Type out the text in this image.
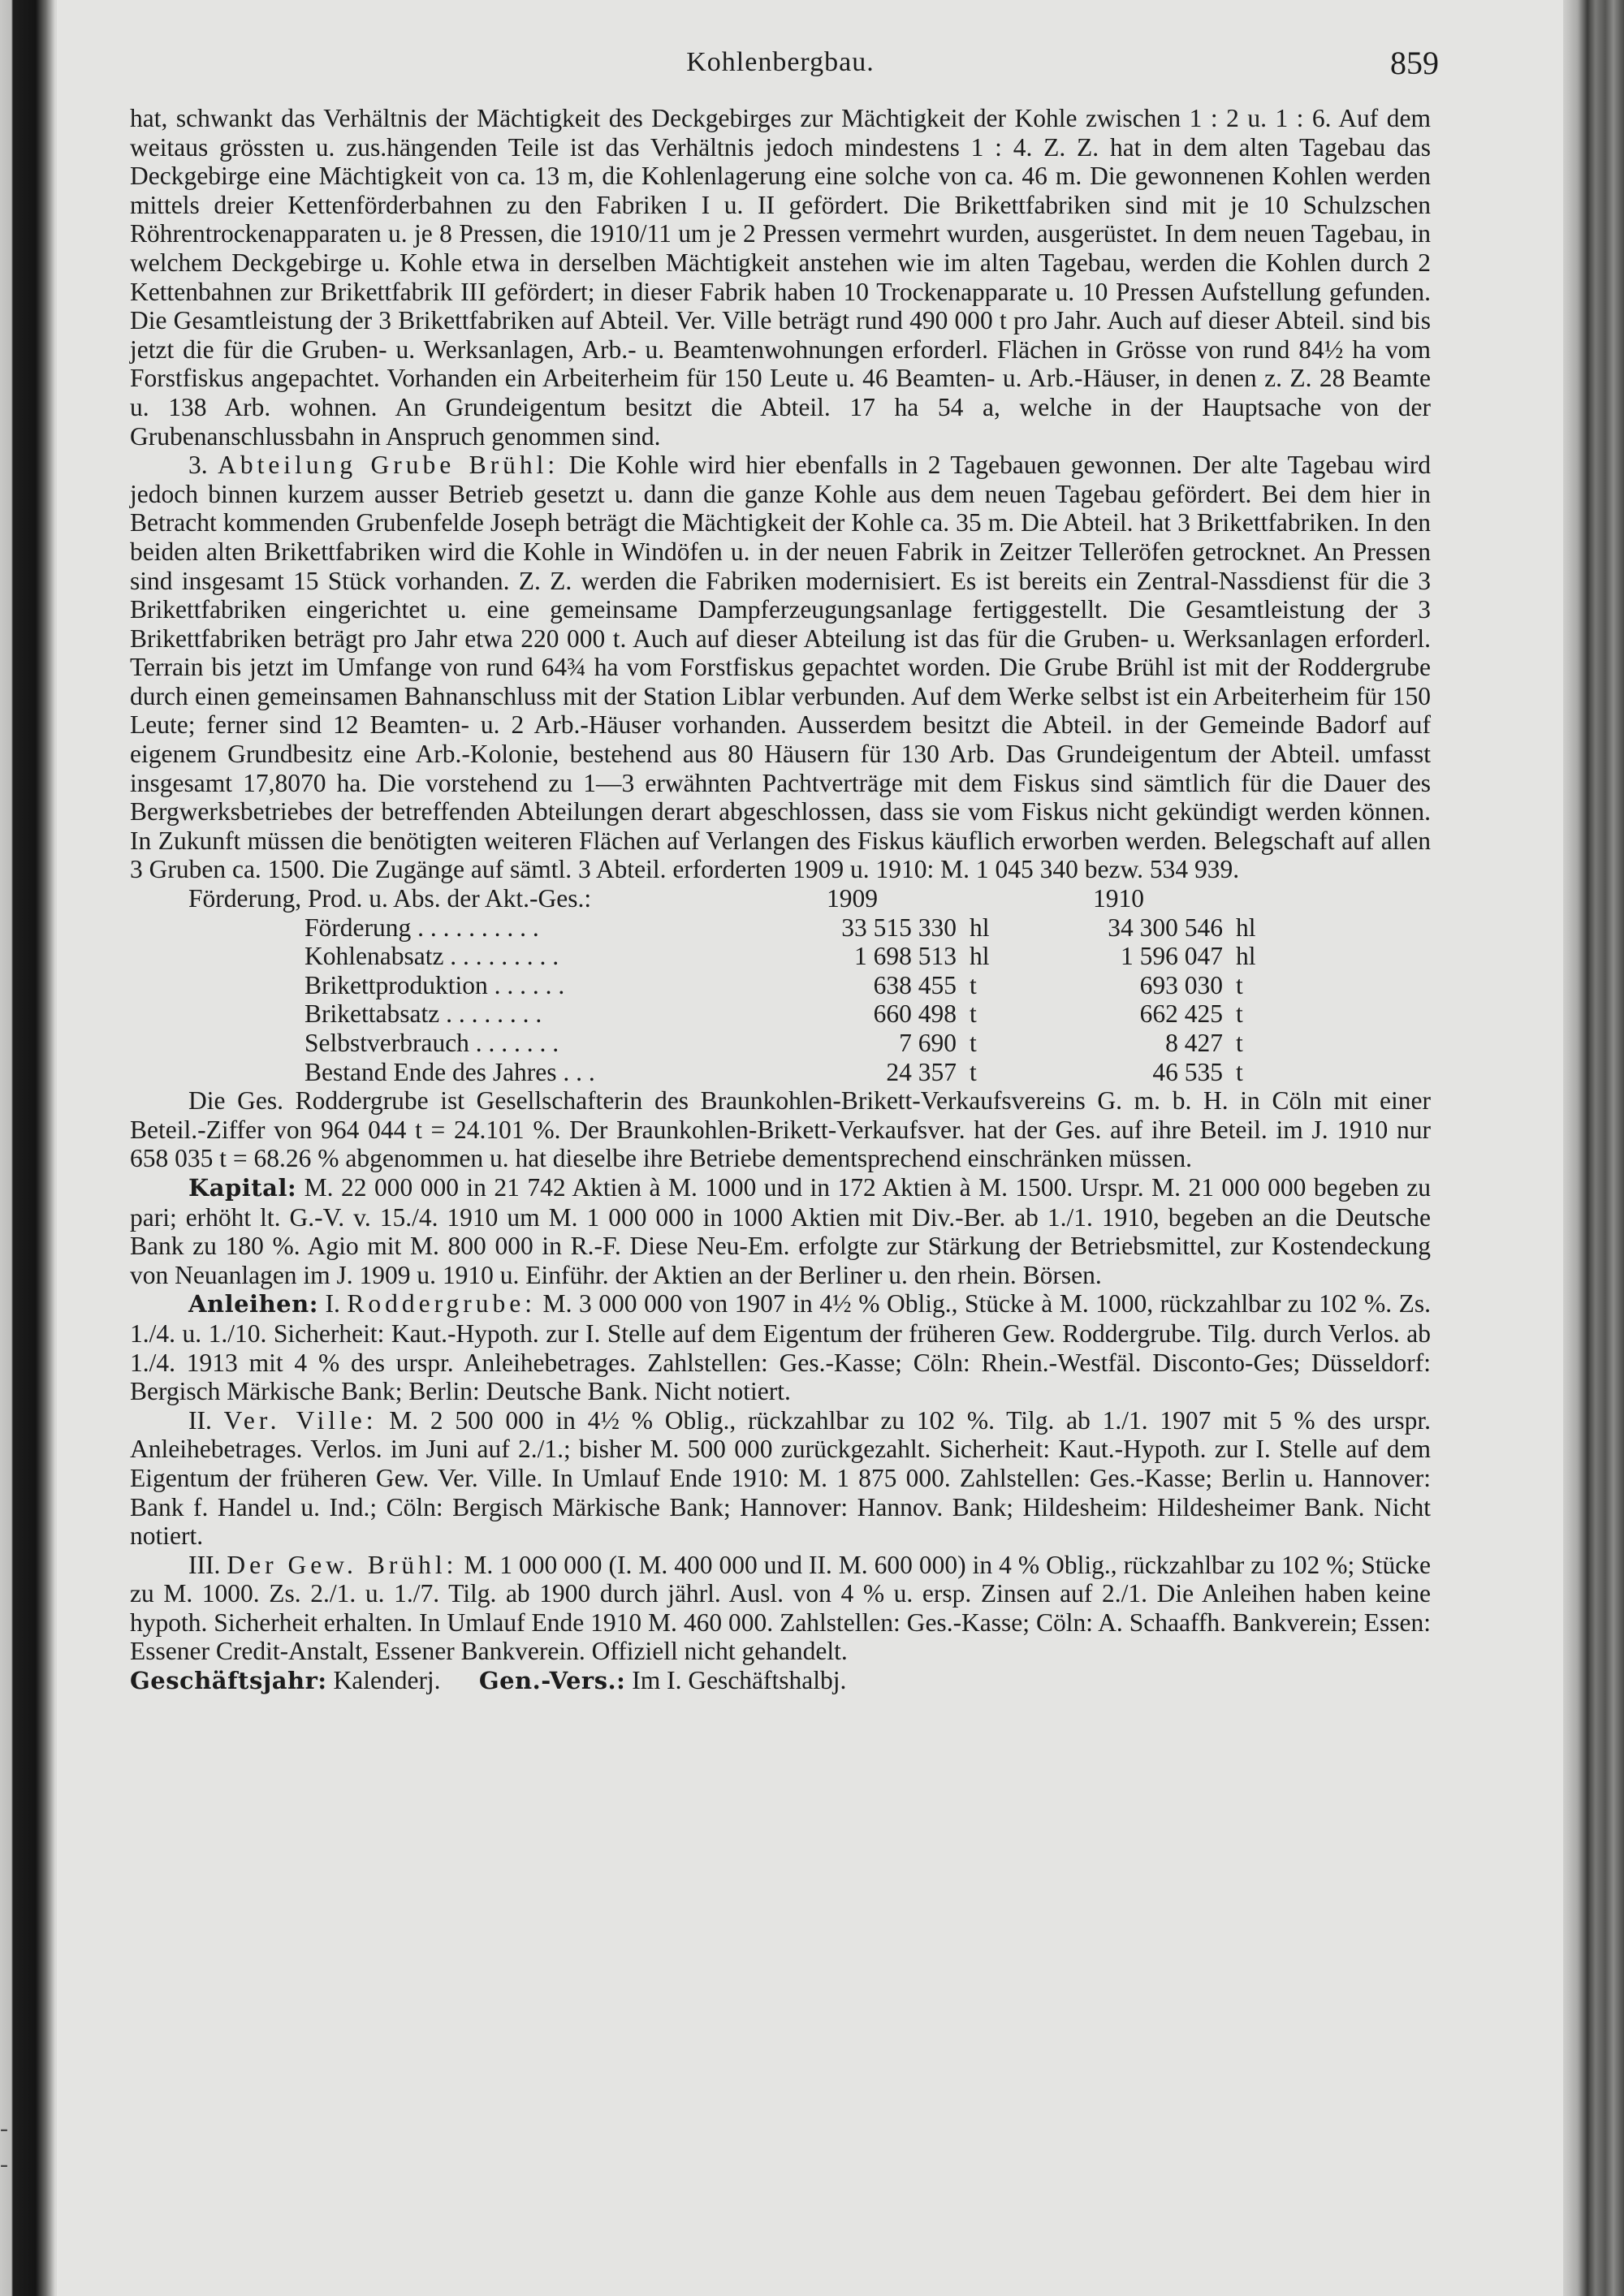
-
-
Kohlenbergbau.	859

hat, schwankt das Verhältnis der Mächtigkeit des Deckgebirges zur Mächtigkeit der Kohle zwischen 1 : 2 u. 1 : 6. Auf dem weitaus grössten u. zus.hängenden Teile ist das Verhältnis jedoch mindestens 1 : 4. Z. Z. hat in dem alten Tagebau das Deckgebirge eine Mächtigkeit von ca. 13 m, die Kohlenlagerung eine solche von ca. 46 m. Die gewonnenen Kohlen werden mittels dreier Kettenförderbahnen zu den Fabriken I u. II gefördert. Die Brikettfabriken sind mit je 10 Schulzschen Röhrentrockenapparaten u. je 8 Pressen, die 1910/11 um je 2 Pressen vermehrt wurden, ausgerüstet. In dem neuen Tagebau, in welchem Deckgebirge u. Kohle etwa in derselben Mächtigkeit anstehen wie im alten Tagebau, werden die Kohlen durch 2 Kettenbahnen zur Brikettfabrik III gefördert; in dieser Fabrik haben 10 Trockenapparate u. 10 Pressen Aufstellung gefunden. Die Gesamtleistung der 3 Brikettfabriken auf Abteil. Ver. Ville beträgt rund 490 000 t pro Jahr. Auch auf dieser Abteil. sind bis jetzt die für die Gruben- u. Werksanlagen, Arb.- u. Beamtenwohnungen erforderl. Flächen in Grösse von rund 84½ ha vom Forstfiskus angepachtet. Vorhanden ein Arbeiterheim für 150 Leute u. 46 Beamten- u. Arb.-Häuser, in denen z. Z. 28 Beamte u. 138 Arb. wohnen. An Grundeigentum besitzt die Abteil. 17 ha 54 a, welche in der Hauptsache von der Grubenanschlussbahn in Anspruch genommen sind.

3. Abteilung Grube Brühl: Die Kohle wird hier ebenfalls in 2 Tagebauen gewonnen. Der alte Tagebau wird jedoch binnen kurzem ausser Betrieb gesetzt u. dann die ganze Kohle aus dem neuen Tagebau gefördert. Bei dem hier in Betracht kommenden Grubenfelde Joseph beträgt die Mächtigkeit der Kohle ca. 35 m. Die Abteil. hat 3 Brikettfabriken. In den beiden alten Brikettfabriken wird die Kohle in Windöfen u. in der neuen Fabrik in Zeitzer Telleröfen getrocknet. An Pressen sind insgesamt 15 Stück vorhanden. Z. Z. werden die Fabriken modernisiert. Es ist bereits ein Zentral-Nassdienst für die 3 Brikettfabriken eingerichtet u. eine gemeinsame Dampferzeugungsanlage fertiggestellt. Die Gesamtleistung der 3 Brikettfabriken beträgt pro Jahr etwa 220 000 t. Auch auf dieser Abteilung ist das für die Gruben- u. Werksanlagen erforderl. Terrain bis jetzt im Umfange von rund 64¾ ha vom Forstfiskus gepachtet worden. Die Grube Brühl ist mit der Roddergrube durch einen gemeinsamen Bahnanschluss mit der Station Liblar verbunden. Auf dem Werke selbst ist ein Arbeiterheim für 150 Leute; ferner sind 12 Beamten- u. 2 Arb.-Häuser vorhanden. Ausserdem besitzt die Abteil. in der Gemeinde Badorf auf eigenem Grundbesitz eine Arb.-Kolonie, bestehend aus 80 Häusern für 130 Arb. Das Grundeigentum der Abteil. umfasst insgesamt 17,8070 ha. Die vorstehend zu 1—3 erwähnten Pachtverträge mit dem Fiskus sind sämtlich für die Dauer des Bergwerksbetriebes der betreffenden Abteilungen derart abgeschlossen, dass sie vom Fiskus nicht gekündigt werden können. In Zukunft müssen die benötigten weiteren Flächen auf Verlangen des Fiskus käuflich erworben werden. Belegschaft auf allen 3 Gruben ca. 1500. Die Zugänge auf sämtl. 3 Abteil. erforderten 1909 u. 1910: M. 1 045 340 bezw. 534 939.

Förderung, Prod. u. Abs. der Akt.-Ges.:	1909	1910
Förderung . . . . . . . . . .	33 515 330 hl	34 300 546 hl
Kohlenabsatz . . . . . . . . .	1 698 513 hl	1 596 047 hl
Brikettproduktion . . . . . .	638 455 t	693 030 t
Brikettabsatz . . . . . . . .	660 498 t	662 425 t
Selbstverbrauch . . . . . . .	7 690 t	8 427 t
Bestand Ende des Jahres . . .	24 357 t	46 535 t

Die Ges. Roddergrube ist Gesellschafterin des Braunkohlen-Brikett-Verkaufsvereins G. m. b. H. in Cöln mit einer Beteil.-Ziffer von 964 044 t = 24.101 %. Der Braunkohlen-Brikett-Verkaufsver. hat der Ges. auf ihre Beteil. im J. 1910 nur 658 035 t = 68.26 % abgenommen u. hat dieselbe ihre Betriebe dementsprechend einschränken müssen.

Kapital: M. 22 000 000 in 21 742 Aktien à M. 1000 und in 172 Aktien à M. 1500. Urspr. M. 21 000 000 begeben zu pari; erhöht lt. G.-V. v. 15./4. 1910 um M. 1 000 000 in 1000 Aktien mit Div.-Ber. ab 1./1. 1910, begeben an die Deutsche Bank zu 180 %. Agio mit M. 800 000 in R.-F. Diese Neu-Em. erfolgte zur Stärkung der Betriebsmittel, zur Kostendeckung von Neuanlagen im J. 1909 u. 1910 u. Einführ. der Aktien an der Berliner u. den rhein. Börsen.

Anleihen: I. Roddergrube: M. 3 000 000 von 1907 in 4½ % Oblig., Stücke à M. 1000, rückzahlbar zu 102 %. Zs. 1./4. u. 1./10. Sicherheit: Kaut.-Hypoth. zur I. Stelle auf dem Eigentum der früheren Gew. Roddergrube. Tilg. durch Verlos. ab 1./4. 1913 mit 4 % des urspr. Anleihebetrages. Zahlstellen: Ges.-Kasse; Cöln: Rhein.-Westfäl. Disconto-Ges; Düsseldorf: Bergisch Märkische Bank; Berlin: Deutsche Bank. Nicht notiert.

II. Ver. Ville: M. 2 500 000 in 4½ % Oblig., rückzahlbar zu 102 %. Tilg. ab 1./1. 1907 mit 5 % des urspr. Anleihebetrages. Verlos. im Juni auf 2./1.; bisher M. 500 000 zurückgezahlt. Sicherheit: Kaut.-Hypoth. zur I. Stelle auf dem Eigentum der früheren Gew. Ver. Ville. In Umlauf Ende 1910: M. 1 875 000. Zahlstellen: Ges.-Kasse; Berlin u. Hannover: Bank f. Handel u. Ind.; Cöln: Bergisch Märkische Bank; Hannover: Hannov. Bank; Hildesheim: Hildesheimer Bank. Nicht notiert.

III. Der Gew. Brühl: M. 1 000 000 (I. M. 400 000 und II. M. 600 000) in 4 % Oblig., rückzahlbar zu 102 %; Stücke zu M. 1000. Zs. 2./1. u. 1./7. Tilg. ab 1900 durch jährl. Ausl. von 4 % u. ersp. Zinsen auf 2./1. Die Anleihen haben keine hypoth. Sicherheit erhalten. In Umlauf Ende 1910 M. 460 000. Zahlstellen: Ges.-Kasse; Cöln: A. Schaaffh. Bankverein; Essen: Essener Credit-Anstalt, Essener Bankverein. Offiziell nicht gehandelt.

Geschäftsjahr: Kalenderj. Gen.-Vers.: Im I. Geschäftshalbj.
